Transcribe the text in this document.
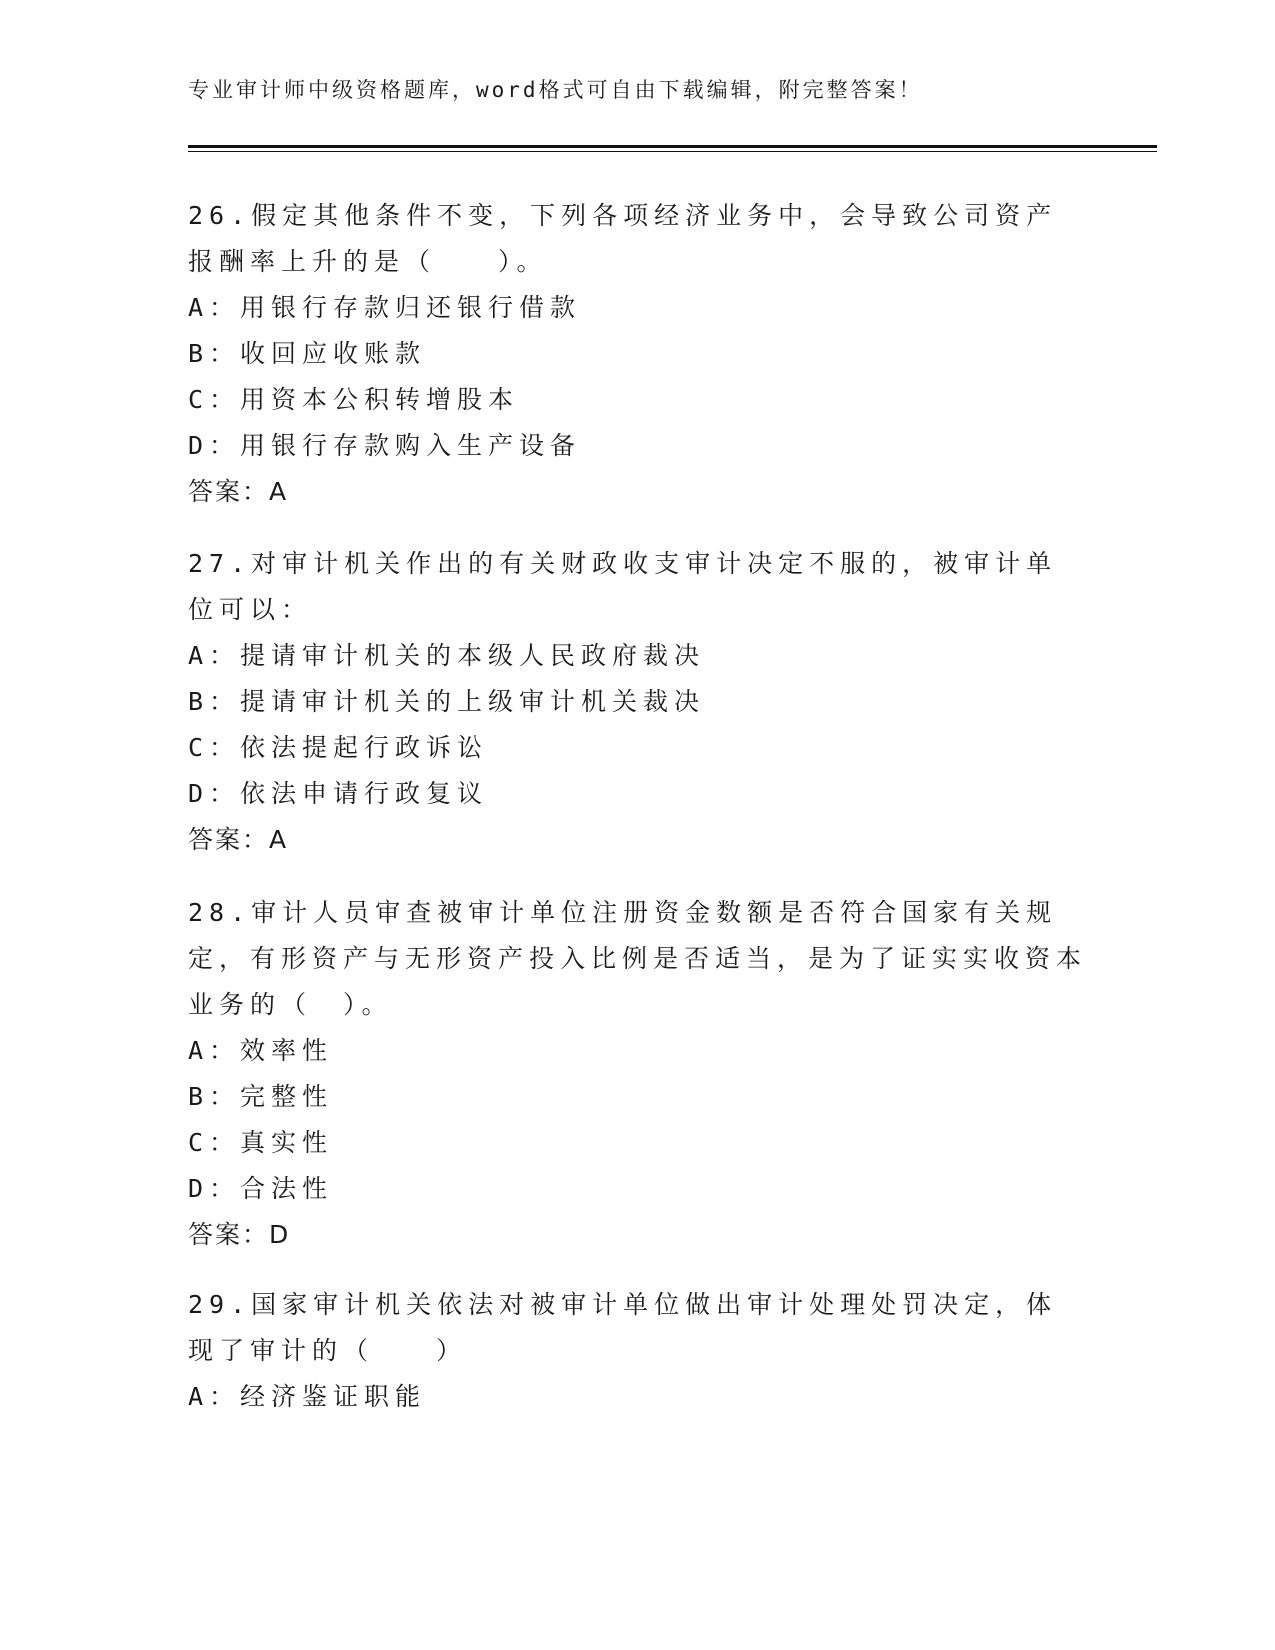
专业审计师中级资格题库，word格式可自由下载编辑，附完整答案！

26.假定其他条件不变，下列各项经济业务中，会导致公司资产报酬率上升的是（　　）。

A：用银行存款归还银行借款

B：收回应收账款

C：用资本公积转增股本

D：用银行存款购入生产设备

答案：A

27.对审计机关作出的有关财政收支审计决定不服的，被审计单位可以：

A：提请审计机关的本级人民政府裁决

B：提请审计机关的上级审计机关裁决

C：依法提起行政诉讼

D：依法申请行政复议

答案：A

28.审计人员审查被审计单位注册资金数额是否符合国家有关规定，有形资产与无形资产投入比例是否适当，是为了证实实收资本业务的（　）。

A：效率性

B：完整性

C：真实性

D：合法性

答案：D

29.国家审计机关依法对被审计单位做出审计处理处罚决定，体现了审计的（　　）

A：经济鉴证职能
